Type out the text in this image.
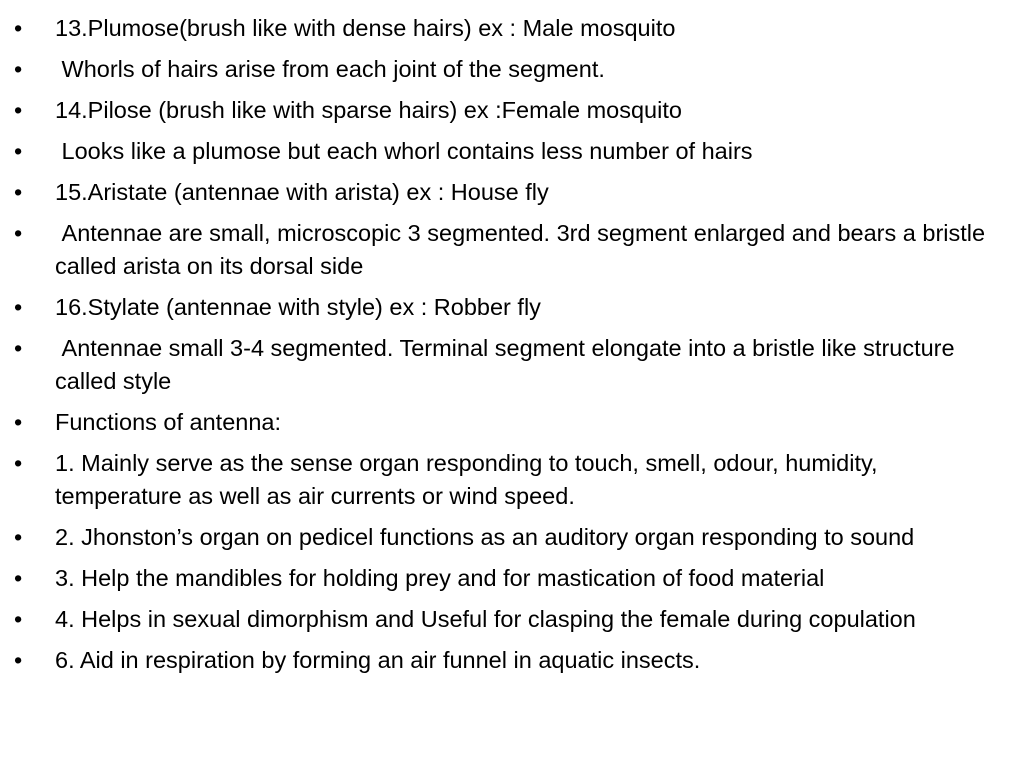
• 13.Plumose(brush like with dense hairs) ex : Male mosquito
•  Whorls of hairs arise from each joint of the segment.
• 14.Pilose (brush like with sparse hairs) ex :Female mosquito
•  Looks like a plumose but each whorl contains less number of hairs
• 15.Aristate (antennae with arista) ex : House fly
•  Antennae are small, microscopic 3 segmented. 3rd segment enlarged and bears a bristle called arista on its dorsal side
• 16.Stylate (antennae with style) ex : Robber fly
•  Antennae small 3-4 segmented. Terminal segment elongate into a bristle like structure called style
• Functions of antenna:
• 1. Mainly serve as the sense organ responding to touch, smell, odour, humidity, temperature as well as air currents or wind speed.
• 2. Jhonston’s organ on pedicel functions as an auditory organ responding to sound
• 3. Help the mandibles for holding prey and for mastication of food material
• 4. Helps in sexual dimorphism and Useful for clasping the female during copulation
• 6. Aid in respiration by forming an air funnel in aquatic insects.
